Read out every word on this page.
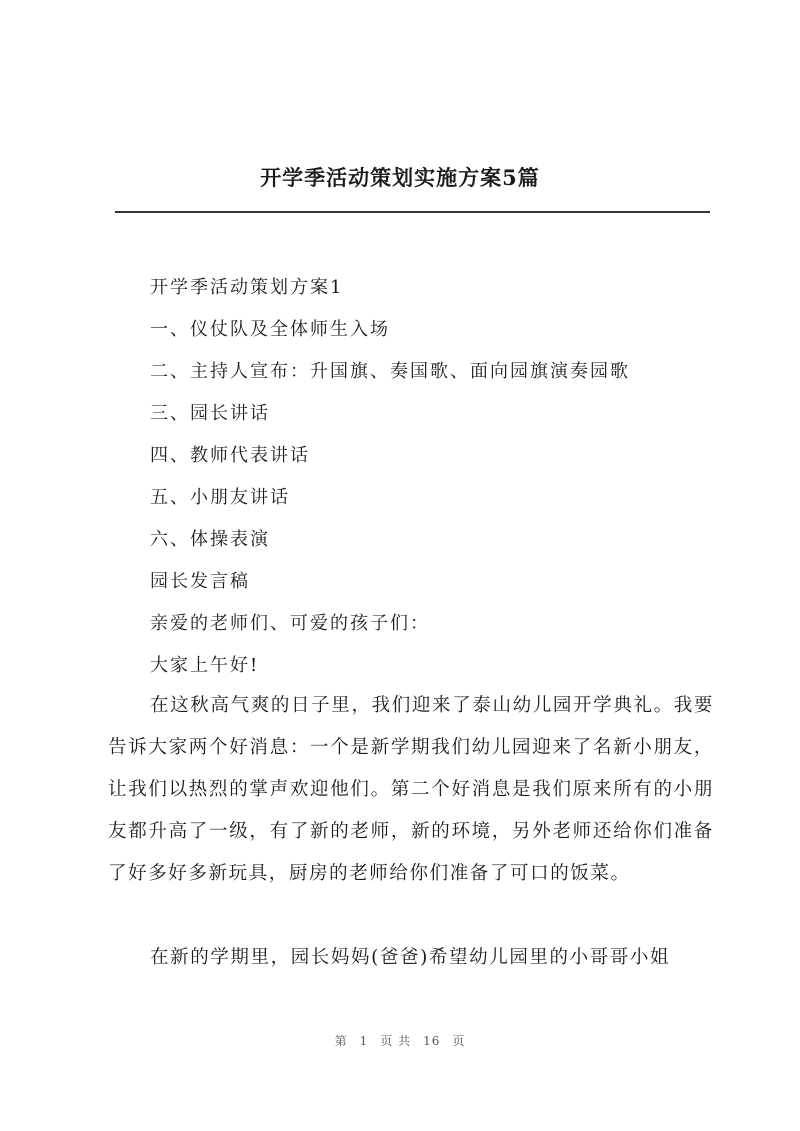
开学季活动策划实施方案5篇
开学季活动策划方案1
一、仪仗队及全体师生入场
二、主持人宣布：升国旗、奏国歌、面向园旗演奏园歌
三、园长讲话
四、教师代表讲话
五、小朋友讲话
六、体操表演
园长发言稿
亲爱的老师们、可爱的孩子们：
大家上午好!

在这秋高气爽的日子里，我们迎来了泰山幼儿园开学典礼。我要告诉大家两个好消息：一个是新学期我们幼儿园迎来了名新小朋友，让我们以热烈的掌声欢迎他们。第二个好消息是我们原来所有的小朋友都升高了一级，有了新的老师，新的环境，另外老师还给你们准备了好多好多新玩具，厨房的老师给你们准备了可口的饭菜。

在新的学期里，园长妈妈(爸爸)希望幼儿园里的小哥哥小姐

第 1 页 共 16 页
